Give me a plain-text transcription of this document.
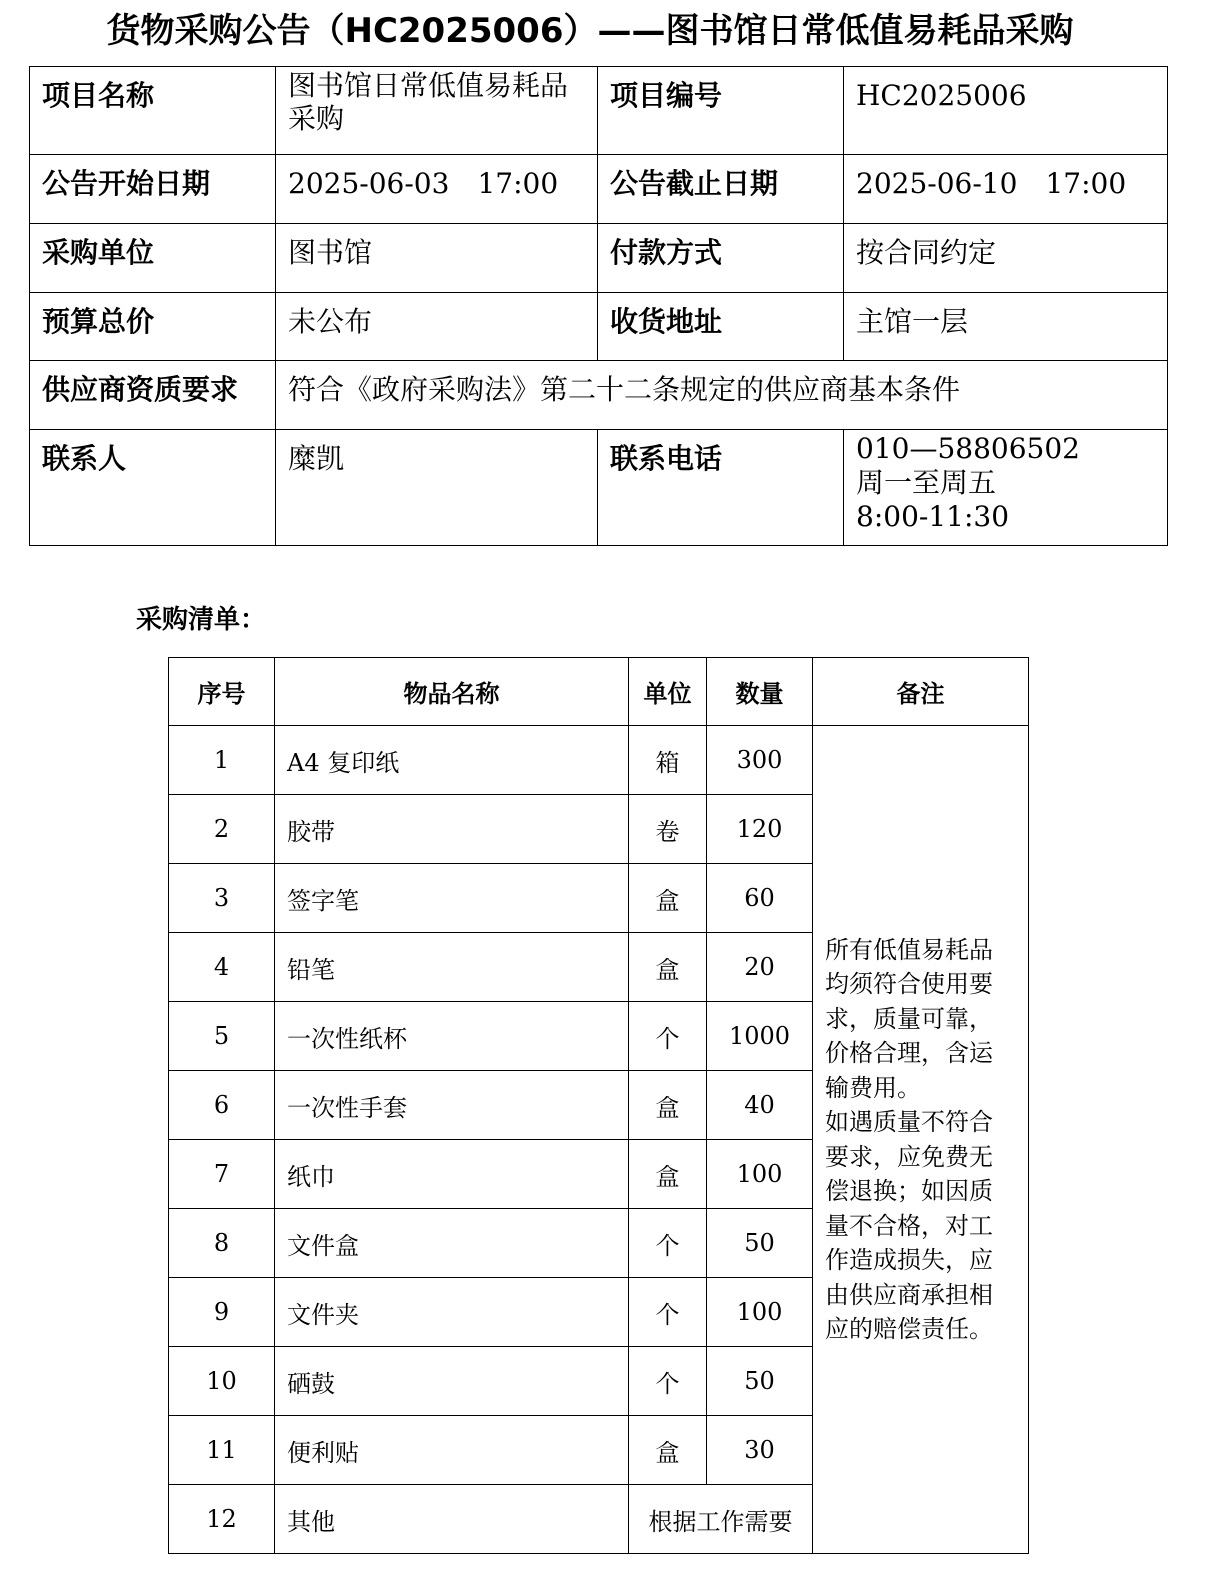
货物采购公告（HC2025006）——图书馆日常低值易耗品采购
项目名称	图书馆日常低值易耗品采购	项目编号	HC2025006
公告开始日期	2025-06-03　17:00	公告截止日期	2025-06-10　17:00
采购单位	图书馆	付款方式	按合同约定
预算总价	未公布	收货地址	主馆一层
供应商资质要求	符合《政府采购法》第二十二条规定的供应商基本条件		
联系人	糜凯	联系电话	010—58806502
周一至周五
8:00-11:30
采购清单：
序号	物品名称	单位	数量	备注
1	A4 复印纸	箱	300	所有低值易耗品均须符合使用要求，质量可靠，价格合理，含运输费用。
如遇质量不符合要求，应免费无偿退换；如因质量不合格，对工作造成损失，应由供应商承担相应的赔偿责任。
2	胶带	卷	120	
3	签字笔	盒	60	
4	铅笔	盒	20	
5	一次性纸杯	个	1000	
6	一次性手套	盒	40	
7	纸巾	盒	100	
8	文件盒	个	50	
9	文件夹	个	100	
10	硒鼓	个	50	
11	便利贴	盒	30	
12	其他	根据工作需要		
